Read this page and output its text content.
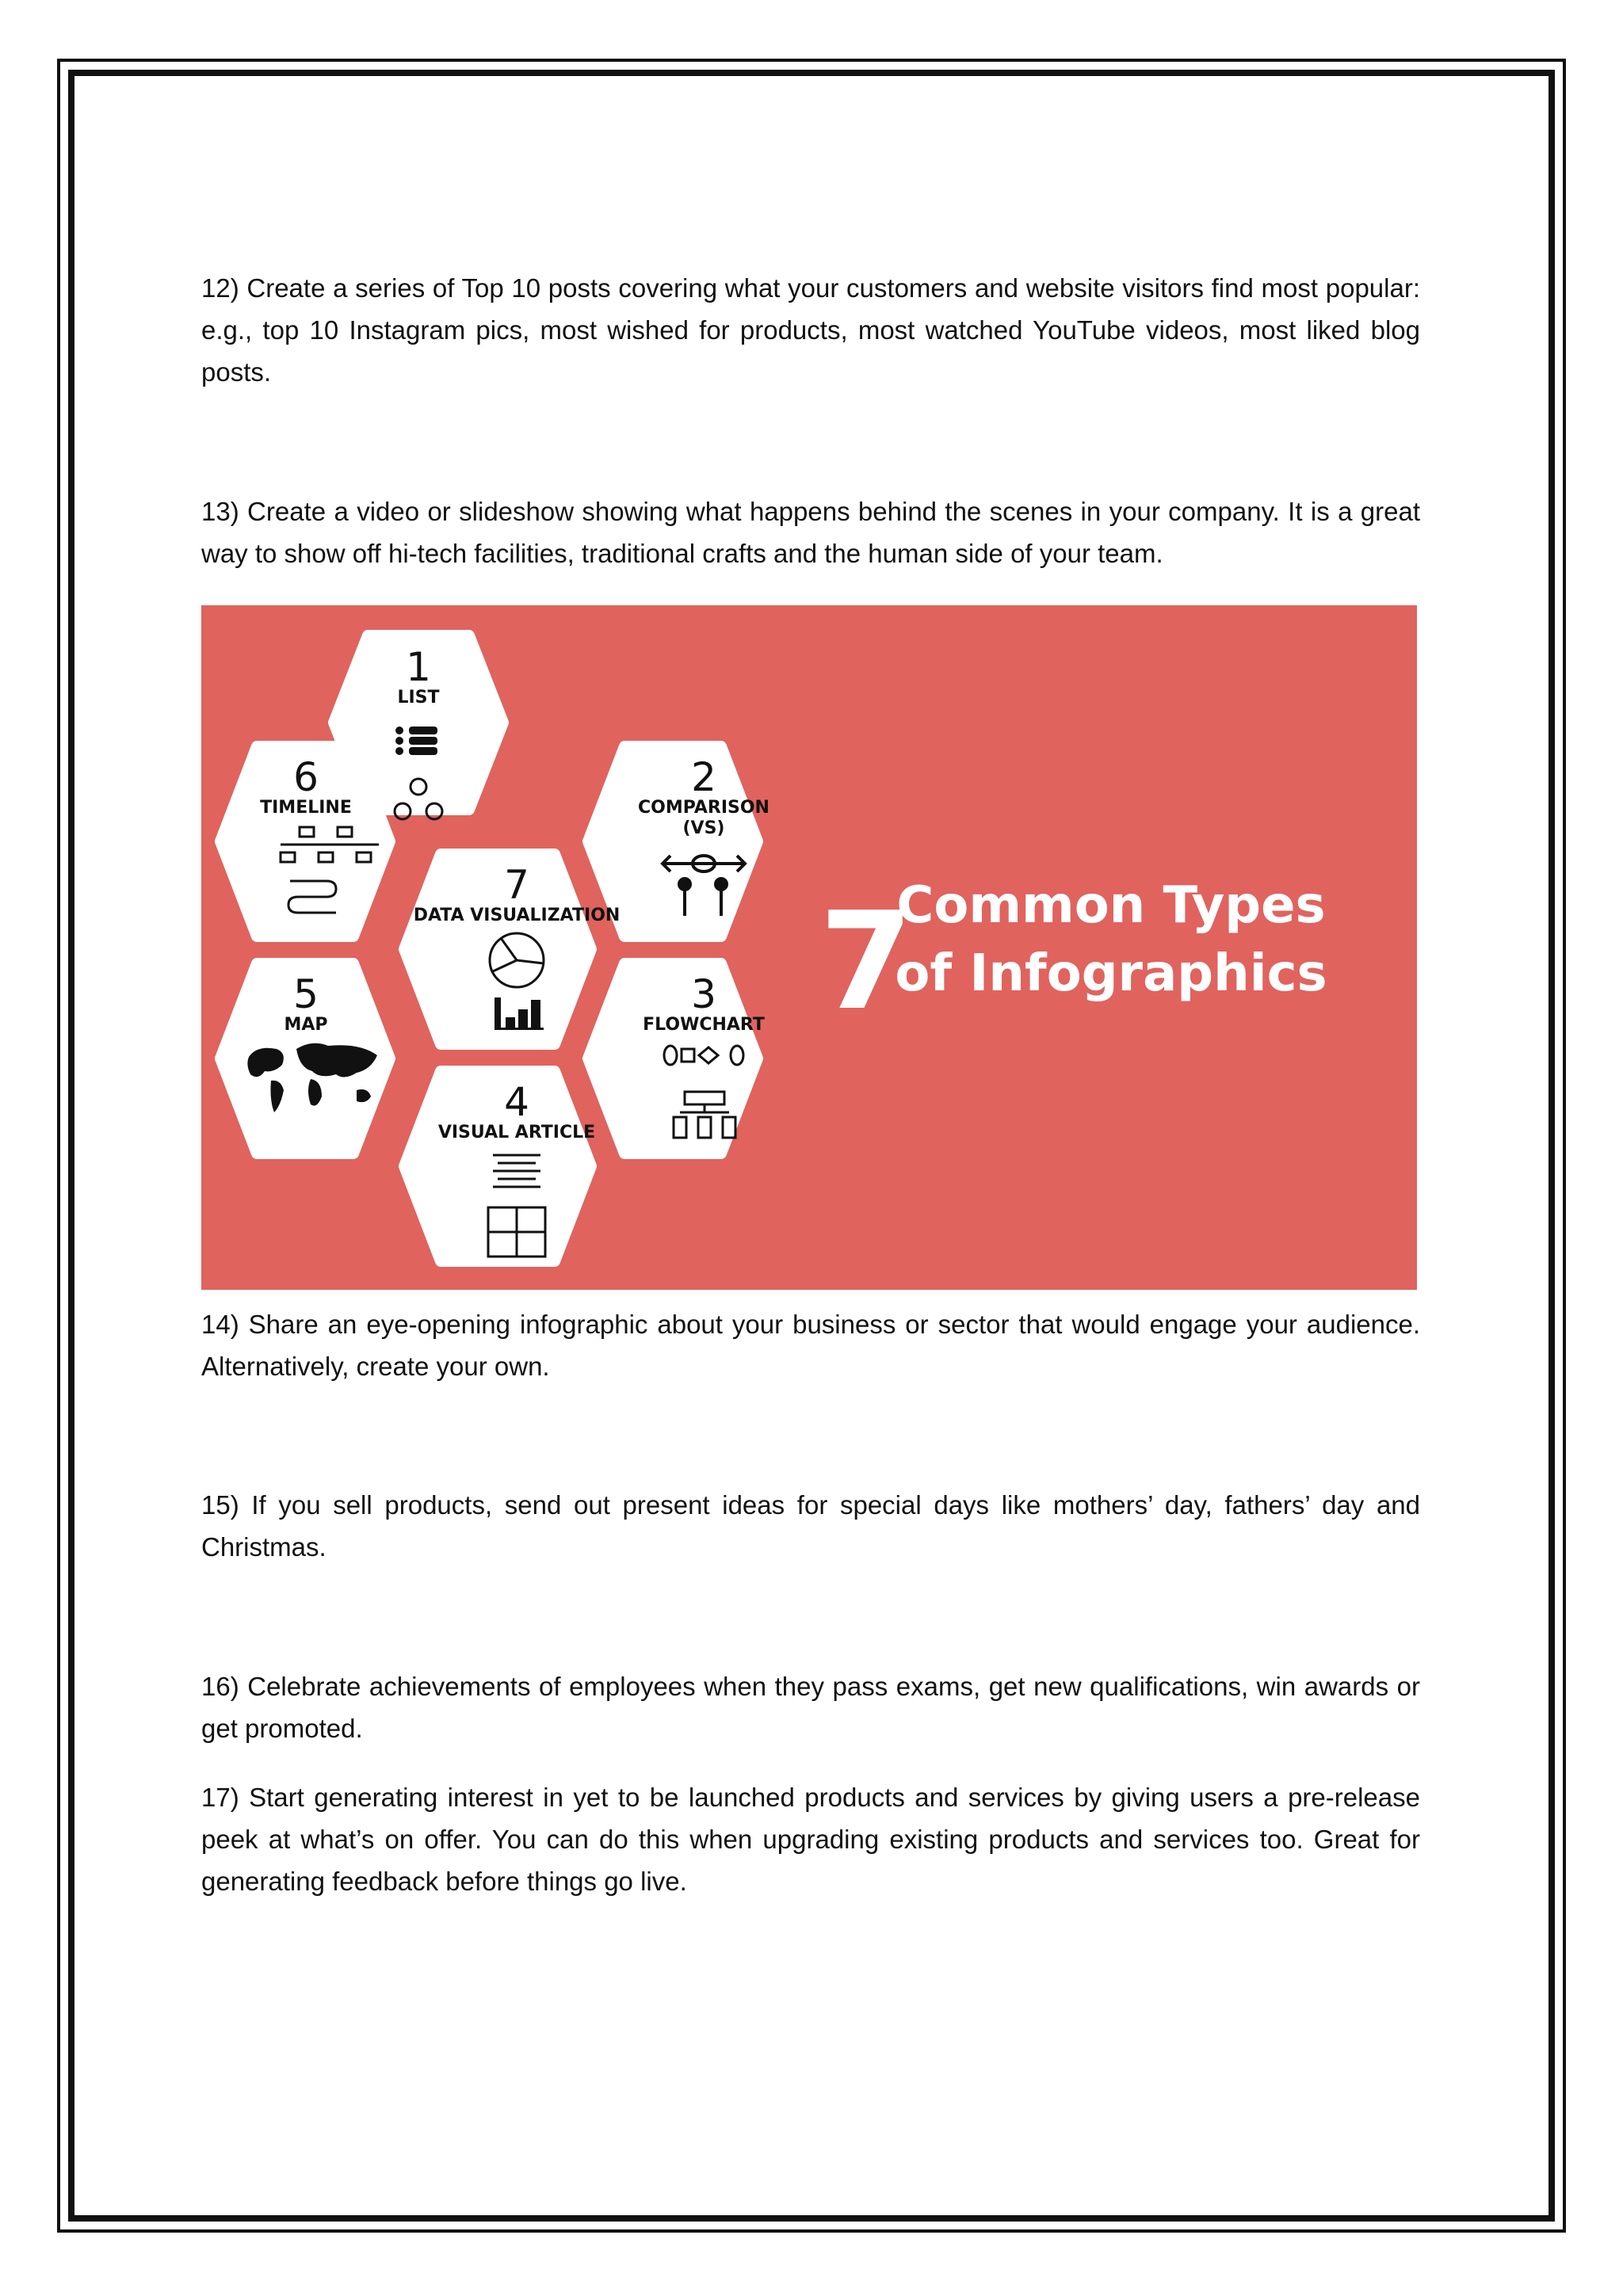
12) Create a series of Top 10 posts covering what your customers and website visitors find most popular: e.g., top 10 Instagram pics, most wished for products, most watched YouTube videos, most liked blog posts.

13) Create a video or slideshow showing what happens behind the scenes in your company. It is a great way to show off hi-tech facilities, traditional crafts and the human side of your team.

1
LIST
6
TIMELINE
2
COMPARISON
(VS)
7
DATA VISUALIZATION
5
MAP
3
FLOWCHART
4
VISUAL ARTICLE
7
Common Types
of Infographics

14) Share an eye-opening infographic about your business or sector that would engage your audience. Alternatively, create your own.

15) If you sell products, send out present ideas for special days like mothers’ day, fathers’ day and Christmas.

16) Celebrate achievements of employees when they pass exams, get new qualifications, win awards or get promoted.

17) Start generating interest in yet to be launched products and services by giving users a pre-release peek at what’s on offer. You can do this when upgrading existing products and services too. Great for generating feedback before things go live.
